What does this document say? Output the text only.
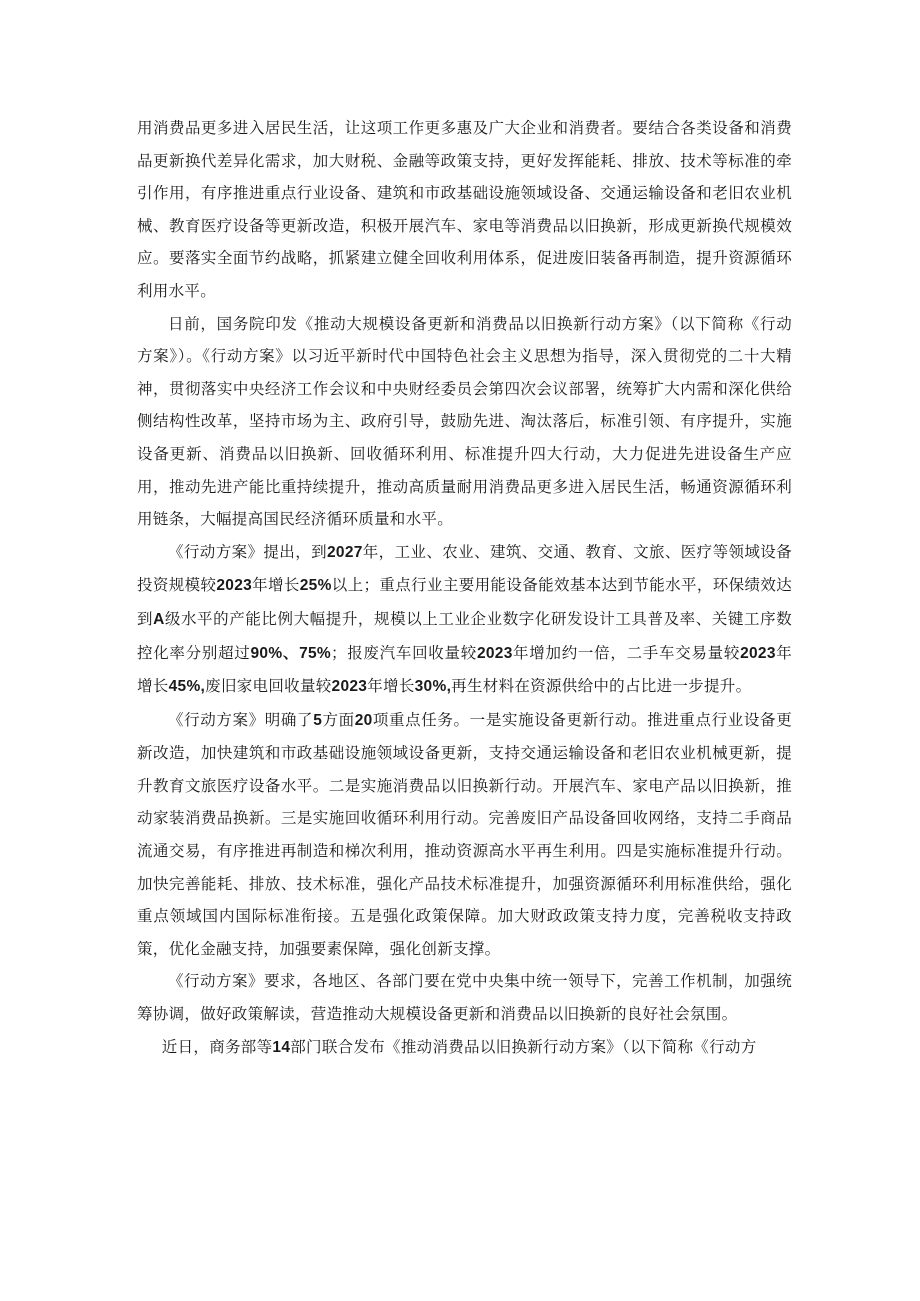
用消费品更多进入居民生活，让这项工作更多惠及广大企业和消费者。要结合各类设备和消费品更新换代差异化需求，加大财税、金融等政策支持，更好发挥能耗、排放、技术等标准的牵引作用，有序推进重点行业设备、建筑和市政基础设施领域设备、交通运输设备和老旧农业机械、教育医疗设备等更新改造，积极开展汽车、家电等消费品以旧换新，形成更新换代规模效应。要落实全面节约战略，抓紧建立健全回收利用体系，促进废旧装备再制造，提升资源循环利用水平。

日前，国务院印发《推动大规模设备更新和消费品以旧换新行动方案》（以下简称《行动方案》）。《行动方案》以习近平新时代中国特色社会主义思想为指导，深入贯彻党的二十大精神，贯彻落实中央经济工作会议和中央财经委员会第四次会议部署，统筹扩大内需和深化供给侧结构性改革，坚持市场为主、政府引导，鼓励先进、淘汰落后，标准引领、有序提升，实施设备更新、消费品以旧换新、回收循环利用、标准提升四大行动，大力促进先进设备生产应用，推动先进产能比重持续提升，推动高质量耐用消费品更多进入居民生活，畅通资源循环利用链条，大幅提高国民经济循环质量和水平。

《行动方案》提出，到2027年，工业、农业、建筑、交通、教育、文旅、医疗等领域设备投资规模较2023年增长25%以上；重点行业主要用能设备能效基本达到节能水平，环保绩效达到A级水平的产能比例大幅提升，规模以上工业企业数字化研发设计工具普及率、关键工序数控化率分别超过90%、75%；报废汽车回收量较2023年增加约一倍，二手车交易量较2023年增长45%,废旧家电回收量较2023年增长30%,再生材料在资源供给中的占比进一步提升。

《行动方案》明确了5方面20项重点任务。一是实施设备更新行动。推进重点行业设备更新改造，加快建筑和市政基础设施领域设备更新，支持交通运输设备和老旧农业机械更新，提升教育文旅医疗设备水平。二是实施消费品以旧换新行动。开展汽车、家电产品以旧换新，推动家装消费品换新。三是实施回收循环利用行动。完善废旧产品设备回收网络，支持二手商品流通交易，有序推进再制造和梯次利用，推动资源高水平再生利用。四是实施标准提升行动。加快完善能耗、排放、技术标准，强化产品技术标准提升，加强资源循环利用标准供给，强化重点领域国内国际标准衔接。五是强化政策保障。加大财政政策支持力度，完善税收支持政策，优化金融支持，加强要素保障，强化创新支撑。

《行动方案》要求，各地区、各部门要在党中央集中统一领导下，完善工作机制，加强统筹协调，做好政策解读，营造推动大规模设备更新和消费品以旧换新的良好社会氛围。

近日，商务部等14部门联合发布《推动消费品以旧换新行动方案》（以下简称《行动方
